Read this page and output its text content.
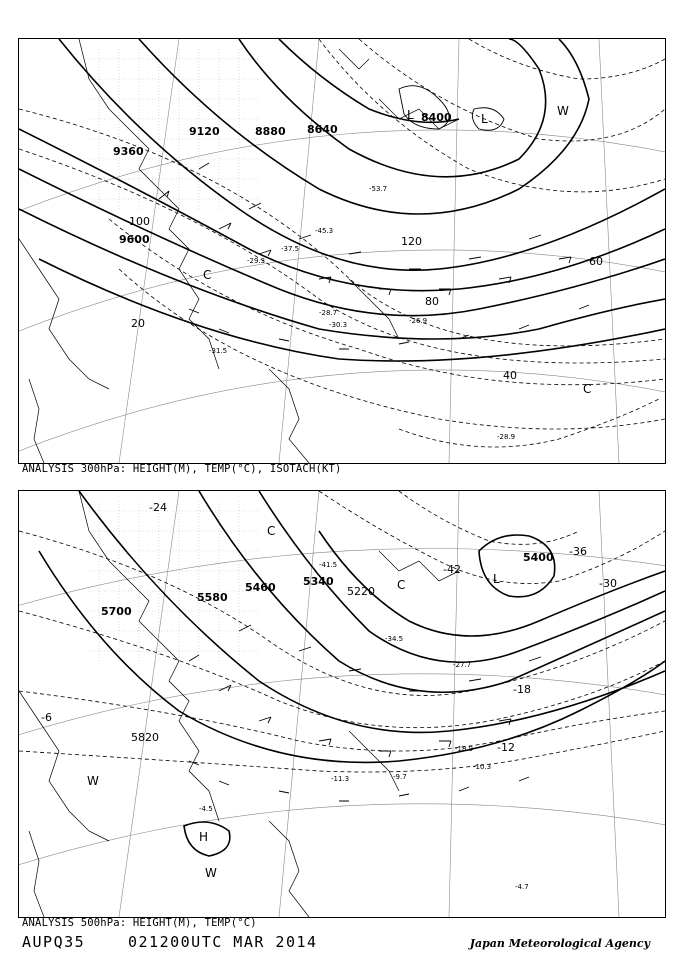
9120	8880 8640
8400
9360
9600
20
40
60
80
100
120
-53.7
-45.3
-37.5
-29.3
-30.3
-31.5
-28.7
-26.9
-28.9
L	L
C
C
W
ANALYSIS 300hPa: HEIGHT(M), TEMP(°C), ISOTACH(KT)
5340
5400
5460
5580
5700
5820
5220
-42
-36
-30
-24
-18
-12
-6
-41.5
-34.5
-27.7
-18.9
-10.3
-4.5
-9.7
-11.3
-4.7
L
H
C
C
W
W
ANALYSIS 500hPa: HEIGHT(M), TEMP(°C)
AUPQ35	021200UTC MAR 2014	Japan Meteorological Agency
